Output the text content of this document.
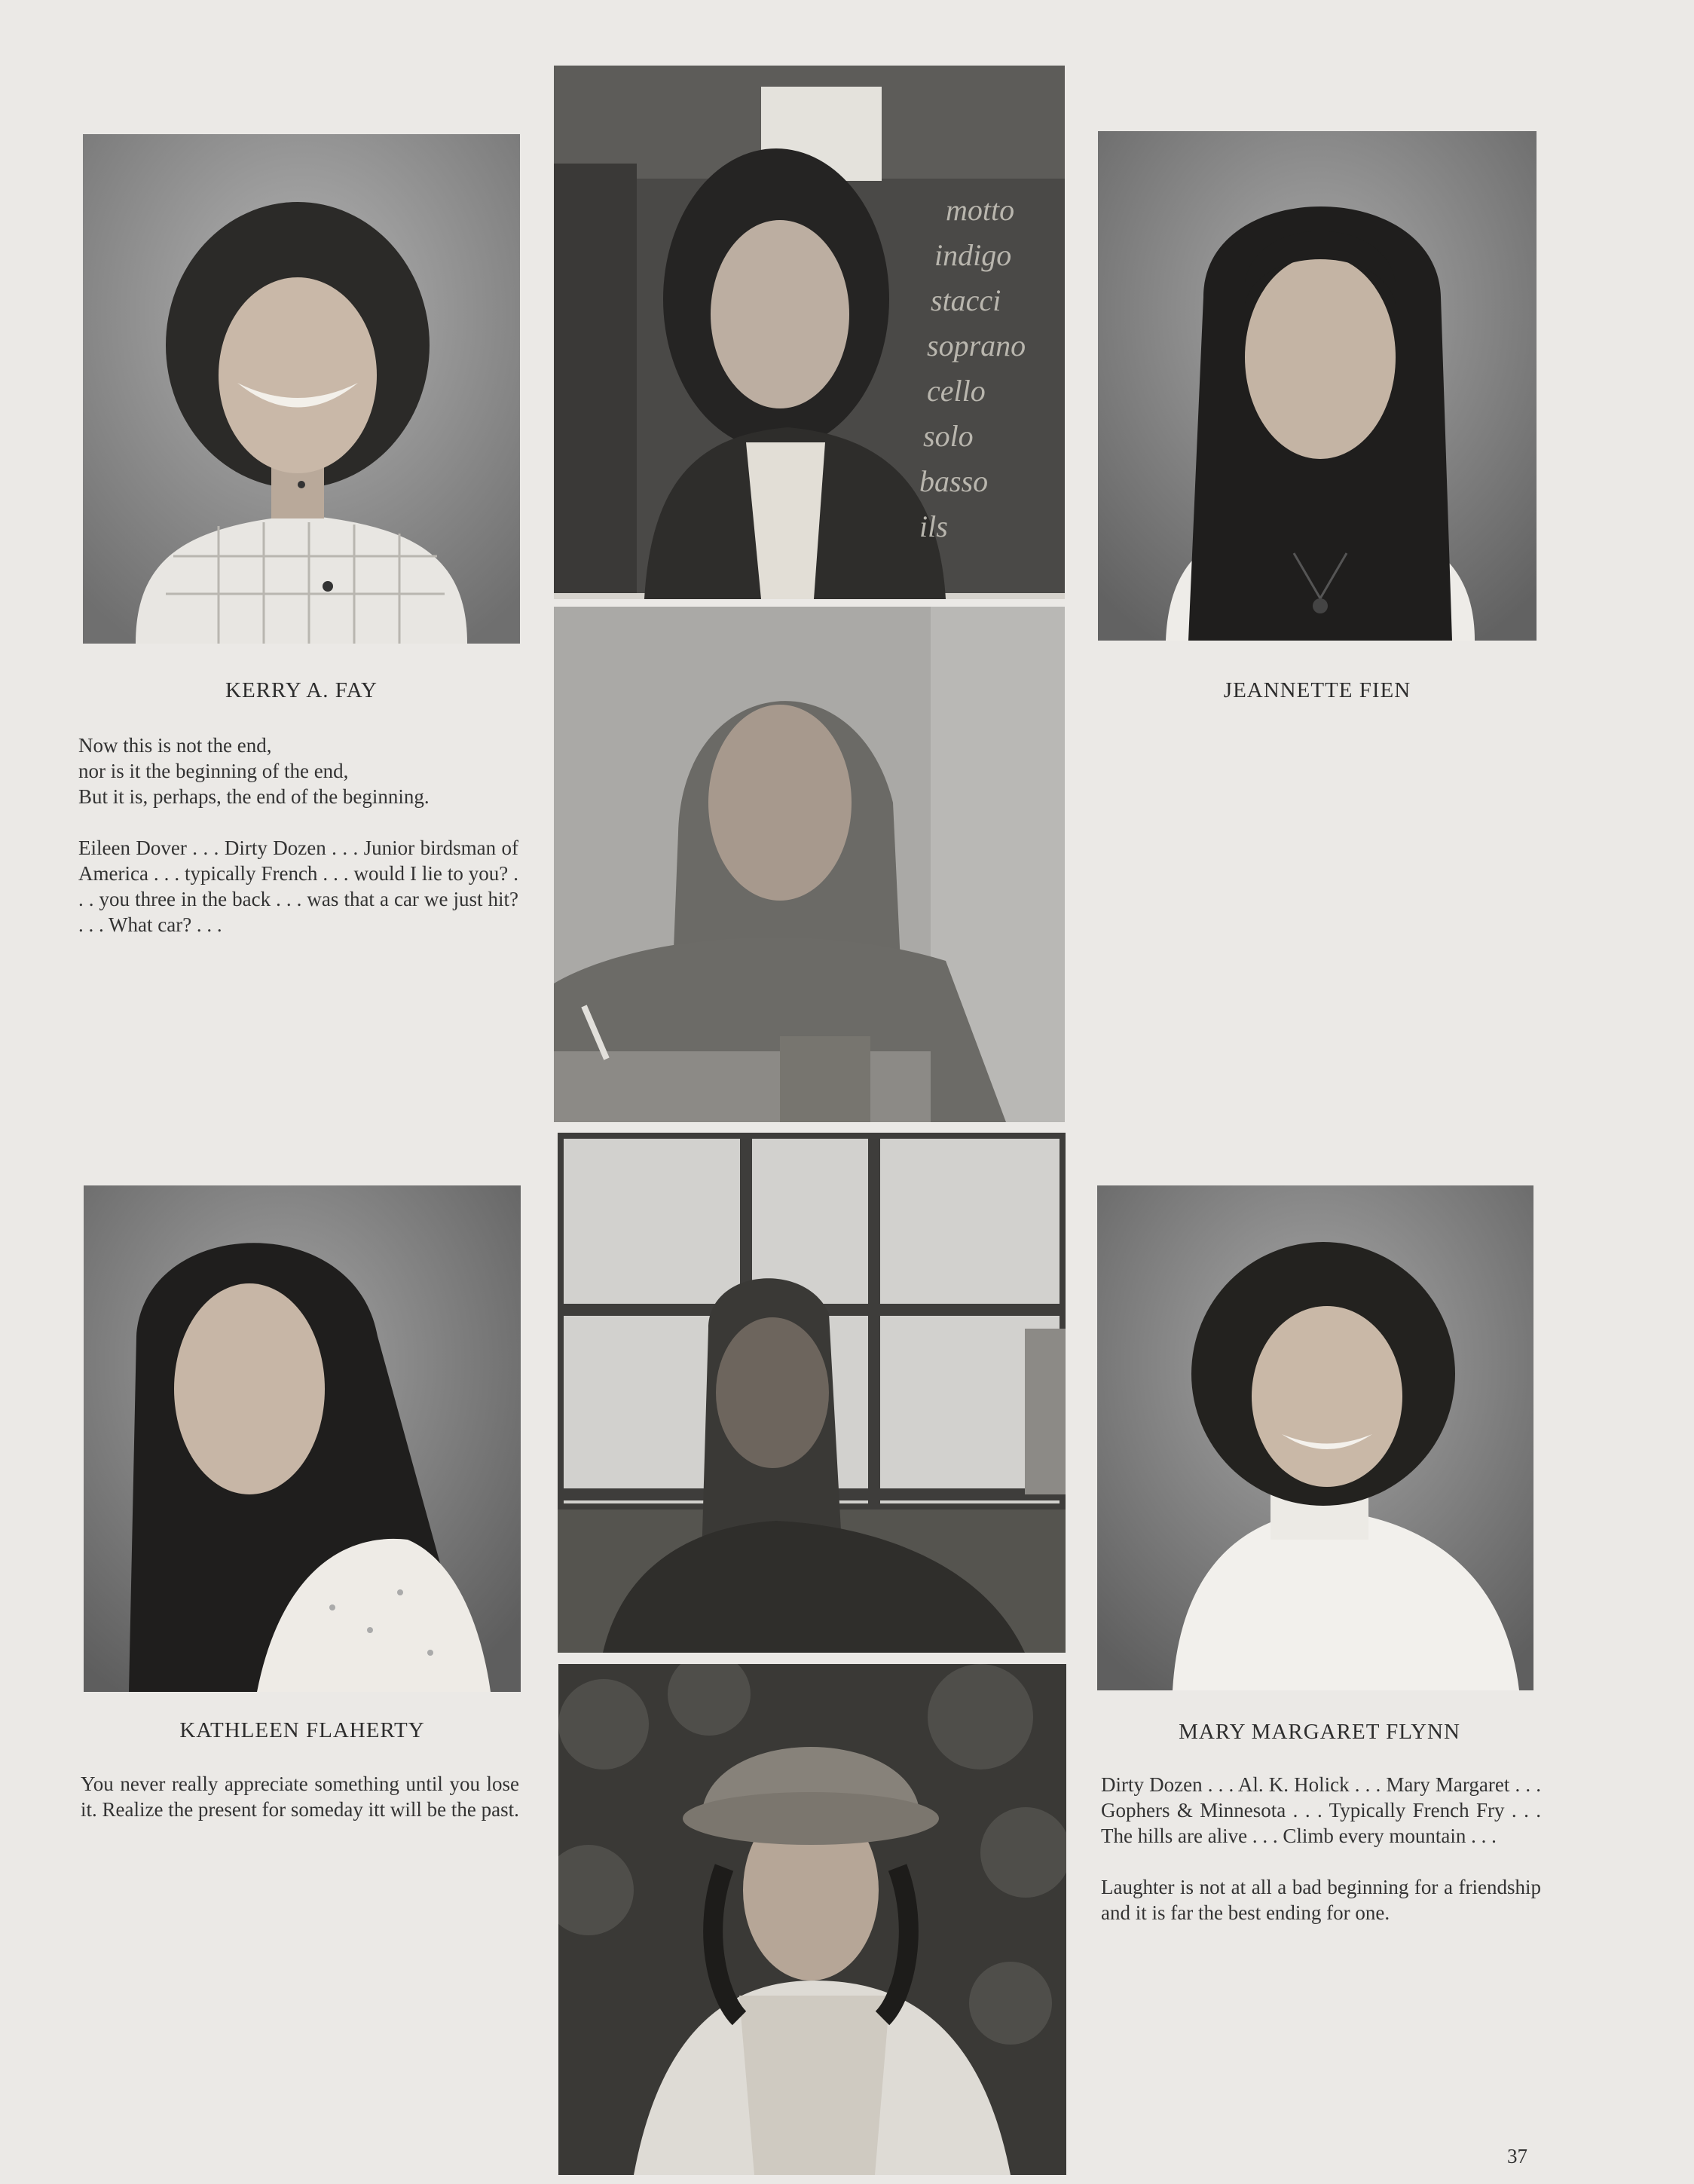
KERRY A. FAY

Now this is not the end,
nor is it the beginning of the end,
But it is, perhaps, the end of the beginning.

Eileen Dover . . . Dirty Dozen . . . Junior birdsman of America . . . typically French . . . would I lie to you? . . . you three in the back . . . was that a car we just hit? . . . What car? . . .

motto
indigo
stacci
soprano
cello
solo
basso
ils
JEANNETTE FIEN
KATHLEEN FLAHERTY
You never really appreciate something until you lose it. Realize the present for someday itt will be the past.
MARY MARGARET FLYNN

Dirty Dozen . . . Al. K. Holick . . . Mary Margaret . . . Gophers & Minnesota . . . Typically French Fry . . . The hills are alive . . . Climb every mountain . . .

Laughter is not at all a bad beginning for a friendship and it is far the best ending for one.

37
